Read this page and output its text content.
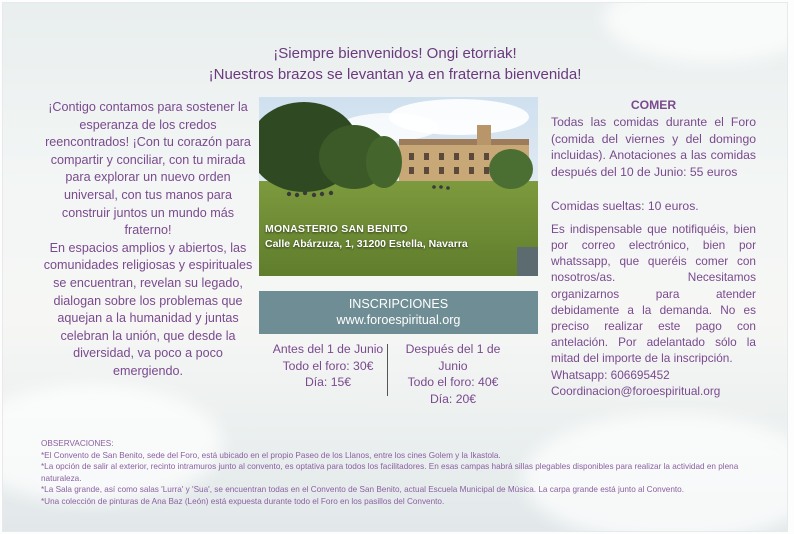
¡Siempre bienvenidos! Ongi etorriak!
¡Nuestros brazos se levantan ya en fraterna bienvenida!
¡Contigo contamos para sostener la esperanza de los credos reencontrados! ¡Con tu corazón para compartir y conciliar, con tu mirada para explorar un nuevo orden universal, con tus manos para construir juntos un mundo más fraterno!
En espacios amplios y abiertos, las comunidades religiosas y espirituales se encuentran, revelan su legado, dialogan sobre los problemas que aquejan a la humanidad y juntas celebran la unión, que desde la diversidad, va poco a poco emergiendo.
MONASTERIO SAN BENITO
Calle Abárzuza, 1, 31200 Estella, Navarra
INSCRIPCIONES
www.foroespiritual.org
Antes del 1 de Junio
Todo el foro: 30€
Día: 15€
Después del 1 de Junio
Todo el foro: 40€
Día: 20€
COMER
Todas las comidas durante el Foro (comida del viernes y del domingo incluidas). Anotaciones a las comidas después del 10 de Junio: 55 euros
Comidas sueltas: 10 euros.
Es indispensable que notifiquéis, bien por correo electrónico, bien por whatssapp, que queréis comer con nosotros/as. Necesitamos organizarnos para atender debidamente a la demanda. No es preciso realizar este pago con antelación. Por adelantado sólo la mitad del importe de la inscripción.
Whatsapp: 606695452
Coordinacion@foroespiritual.org
OBSERVACIONES:
*El Convento de San Benito, sede del Foro, está ubicado en el propio Paseo de los Llanos, entre los cines Golem y la Ikastola.
*La opción de salir al exterior, recinto intramuros junto al convento, es optativa para todos los facilitadores. En esas campas habrá sillas plegables disponibles para realizar la actividad en plena naturaleza.
*La Sala grande, así como salas 'Lurra' y 'Sua', se encuentran todas en el Convento de San Benito, actual Escuela Municipal de Música. La carpa grande está junto al Convento.
*Una colección de pinturas de Ana Baz (León) está expuesta durante todo el Foro en los pasillos del Convento.
